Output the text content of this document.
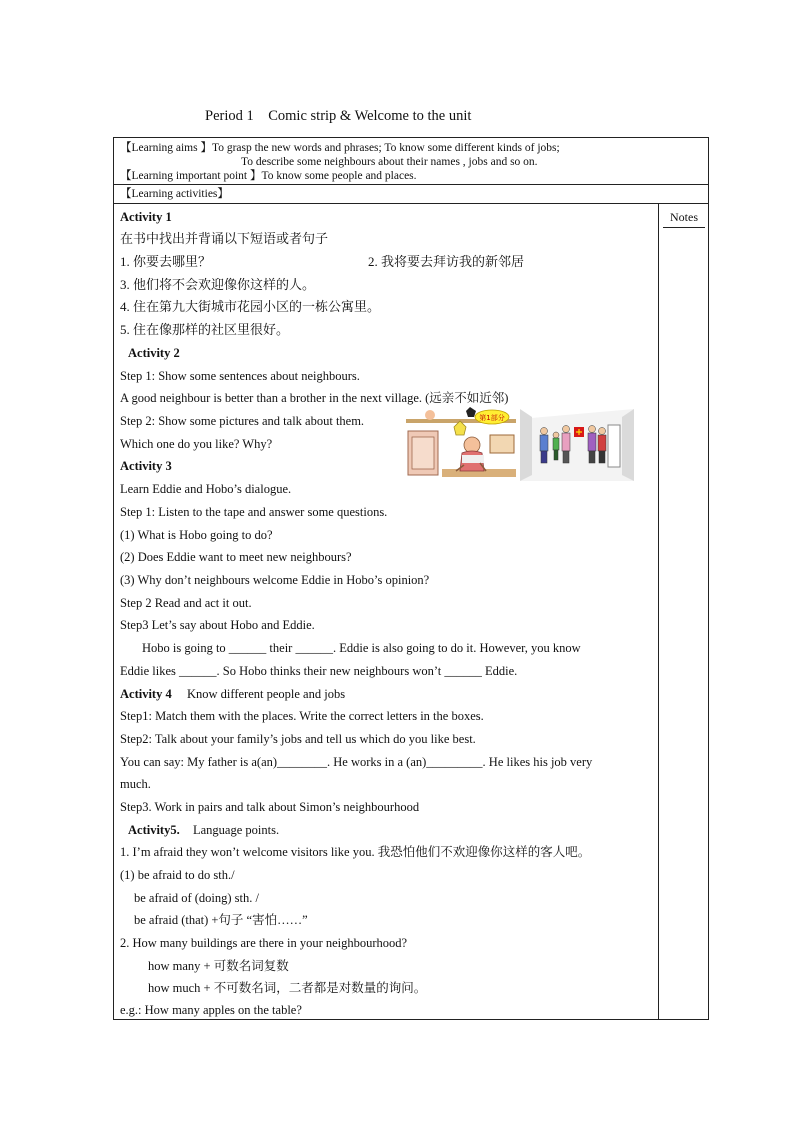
Period 1    Comic strip & Welcome to the unit
【Learning aims 】To grasp the new words and phrases; To know some different kinds of jobs;
To describe some neighbours about their names , jobs and so on.
【Learning important point 】To know some people and places.
【Learning activities】
Notes
Activity 1
在书中找出并背诵以下短语或者句子
1. 你要去哪里？	2. 我将要去拜访我的新邻居
3. 他们将不会欢迎像你这样的人。
4. 住在第九大街城市花园小区的一栋公寓里。
5. 住在像那样的社区里很好。
Activity 2
Step 1: Show some sentences about neighbours.
A good neighbour is better than a brother in the next village. (远亲不如近邻)
Step 2: Show some pictures and talk about them.
Which one do you like? Why?
Activity 3
Learn Eddie and Hobo’s dialogue.
Step 1: Listen to the tape and answer some questions.
(1) What is Hobo going to do?
(2) Does Eddie want to meet new neighbours?
(3) Why don’t neighbours welcome Eddie in Hobo’s opinion?
Step 2 Read and act it out.
Step3 Let’s say about Hobo and Eddie.
Hobo is going to ______ their ______. Eddie is also going to do it. However, you know
Eddie likes ______. So Hobo thinks their new neighbours won’t ______ Eddie.
Activity 4 Know different people and jobs
Step1: Match them with the places. Write the correct letters in the boxes.
Step2: Talk about your family’s jobs and tell us which do you like best.
You can say: My father is a(an)________. He works in a (an)_________. He likes his job very
much.
Step3. Work in pairs and talk about Simon’s neighbourhood
Activity5. Language points.
1. I’m afraid they won’t welcome visitors like you. 我恐怕他们不欢迎像你这样的客人吧。
(1) be afraid to do sth./
be afraid of (doing) sth. /
be afraid (that) +句子 “害怕……”
2. How many buildings are there in your neighbourhood?
how many + 可数名词复数
how much + 不可数名词，二者都是对数量的询问。
e.g.: How many apples on the table?
第1部分
